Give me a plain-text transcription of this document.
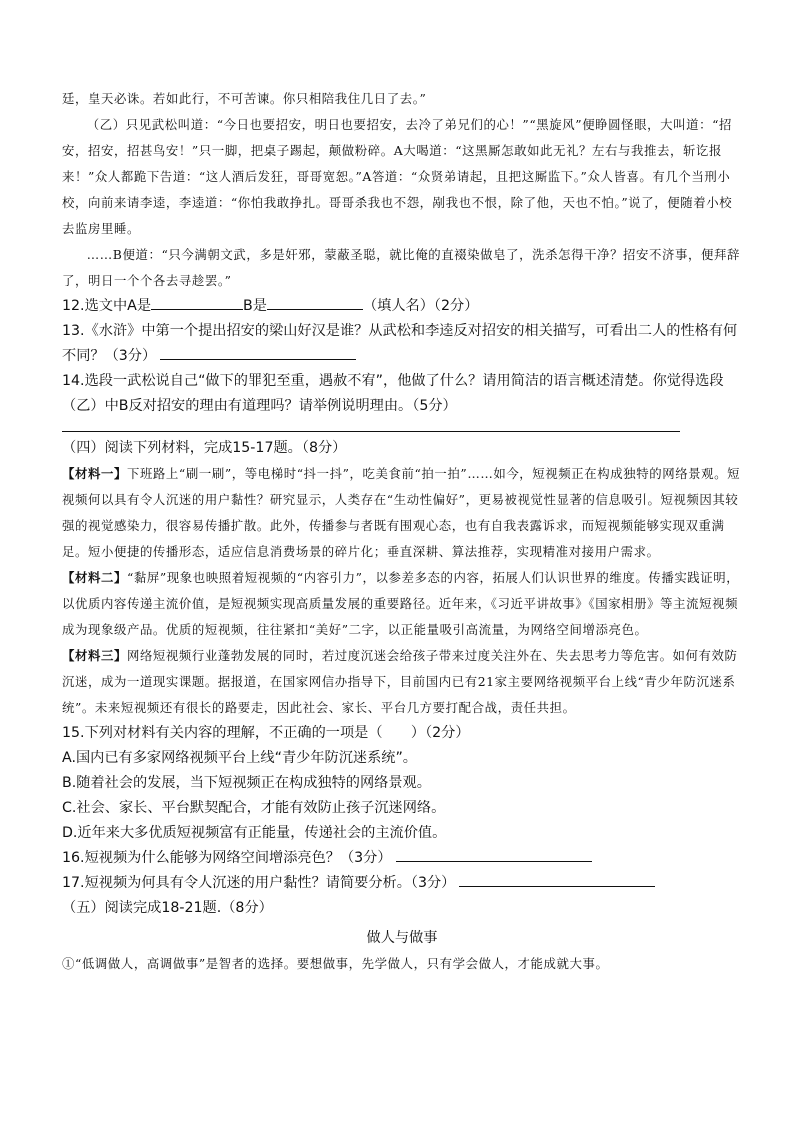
廷，皇天必诛。若如此行，不可苦谏。你只相陪我住几日了去。”

（乙）只见武松叫道：“今日也要招安，明日也要招安，去冷了弟兄们的心！”“黑旋风”便睁圆怪眼，大叫道：“招安，招安，招甚鸟安！”只一脚，把桌子踢起，颠做粉碎。A大喝道：“这黑厮怎敢如此无礼？左右与我推去，斩讫报来！”众人都跪下告道：“这人酒后发狂，哥哥宽恕。”A答道：“众贤弟请起，且把这厮监下。”众人皆喜。有几个当刑小校，向前来请李逵，李逵道：“你怕我敢挣扎。哥哥杀我也不怨，剐我也不恨，除了他，天也不怕。”说了，便随着小校去监房里睡。

……B便道：“只今满朝文武，多是奸邪，蒙蔽圣聪，就比俺的直裰染做皂了，洗杀怎得干净？招安不济事，便拜辞了，明日一个个各去寻趁罢。”

12.选文中A是	B是	（填人名）（2分）

13.《水浒》中第一个提出招安的梁山好汉是谁？从武松和李逵反对招安的相关描写，可看出二人的性格有何不同？（3分）

14.选段一武松说自己“做下的罪犯至重，遇赦不宥”，他做了什么？请用简洁的语言概述清楚。你觉得选段（乙）中B反对招安的理由有道理吗？请举例说明理由。（5分）

（四）阅读下列材料，完成15-17题。（8分）

【材料一】下班路上“刷一刷”，等电梯时“抖一抖”，吃美食前“拍一拍”……如今，短视频正在构成独特的网络景观。短视频何以具有令人沉迷的用户黏性？研究显示，人类存在“生动性偏好”，更易被视觉性显著的信息吸引。短视频因其较强的视觉感染力，很容易传播扩散。此外，传播参与者既有围观心态，也有自我表露诉求，而短视频能够实现双重满足。短小便捷的传播形态，适应信息消费场景的碎片化；垂直深耕、算法推荐，实现精准对接用户需求。

【材料二】“黏屏”现象也映照着短视频的“内容引力”，以参差多态的内容，拓展人们认识世界的维度。传播实践证明，以优质内容传递主流价值，是短视频实现高质量发展的重要路径。近年来，《习近平讲故事》《国家相册》等主流短视频成为现象级产品。优质的短视频，往往紧扣“美好”二字，以正能量吸引高流量，为网络空间增添亮色。

【材料三】网络短视频行业蓬勃发展的同时，若过度沉迷会给孩子带来过度关注外在、失去思考力等危害。如何有效防沉迷，成为一道现实课题。据报道，在国家网信办指导下，目前国内已有21家主要网络视频平台上线“青少年防沉迷系统”。未来短视频还有很长的路要走，因此社会、家长、平台几方要打配合战，责任共担。

15.下列对材料有关内容的理解，不正确的一项是（　　）（2分）

A.国内已有多家网络视频平台上线“青少年防沉迷系统”。

B.随着社会的发展，当下短视频正在构成独特的网络景观。

C.社会、家长、平台默契配合，才能有效防止孩子沉迷网络。

D.近年来大多优质短视频富有正能量，传递社会的主流价值。

16.短视频为什么能够为网络空间增添亮色？（3分）

17.短视频为何具有令人沉迷的用户黏性？请简要分析。（3分）

（五）阅读完成18-21题.（8分）

做人与做事

①“低调做人，高调做事”是智者的选择。要想做事，先学做人，只有学会做人，才能成就大事。
